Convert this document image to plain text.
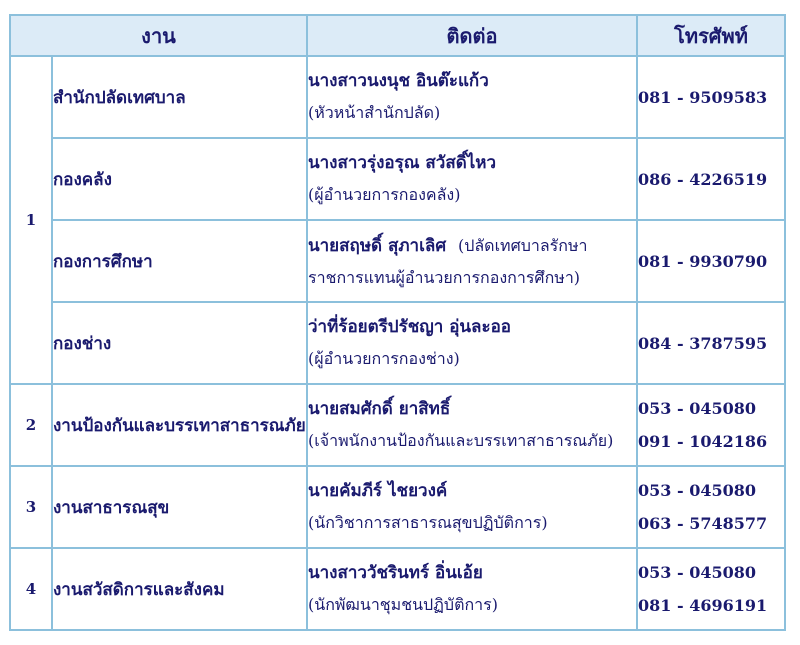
งาน		ติดต่อ	โทรศัพท์
1	สำนักปลัดเทศบาล	นางสาวนงนุช อินต๊ะแก้ว
(หัวหน้าสำนักปลัด)	081 - 9509583

	กองคลัง	นางสาวรุ่งอรุณ สวัสดิ์ไหว
(ผู้อำนวยการกองคลัง)	086 - 4226519

	กองการศึกษา	นายสฤษดิ์ สุภาเลิศ (ปลัดเทศบาลรักษา
ราชการแทนผู้อำนวยการกองการศึกษา)	081 - 9930790

	กองช่าง	ว่าที่ร้อยตรีปรัชญา อุ่นละออ
(ผู้อำนวยการกองช่าง)	084 - 3787595

2	งานป้องกันและบรรเทาสาธารณภัย	นายสมศักดิ์ ยาสิทธิ์
(เจ้าพนักงานป้องกันและบรรเทาสาธารณภัย)	053 - 045080
091 - 1042186

3	งานสาธารณสุข	นายคัมภีร์ ไชยวงค์
(นักวิชาการสาธารณสุขปฏิบัติการ)	053 - 045080
063 - 5748577

4	งานสวัสดิการและสังคม	นางสาววัชรินทร์ อิ่นเอ้ย
(นักพัฒนาชุมชนปฏิบัติการ)	053 - 045080
081 - 4696191
